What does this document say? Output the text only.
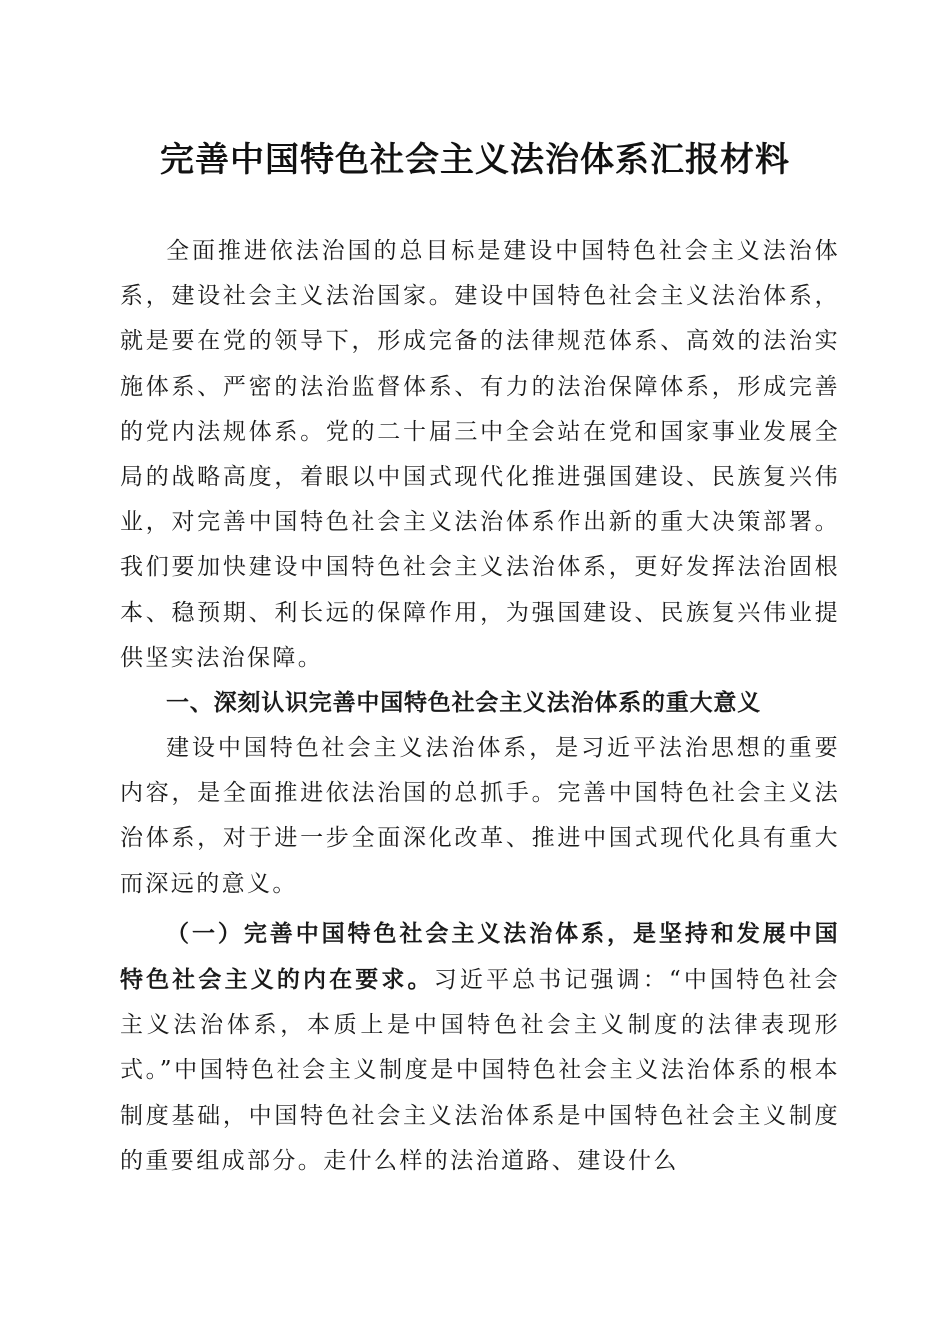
完善中国特色社会主义法治体系汇报材料

全面推进依法治国的总目标是建设中国特色社会主义法治体系，建设社会主义法治国家。建设中国特色社会主义法治体系，就是要在党的领导下，形成完备的法律规范体系、高效的法治实施体系、严密的法治监督体系、有力的法治保障体系，形成完善的党内法规体系。党的二十届三中全会站在党和国家事业发展全局的战略高度，着眼以中国式现代化推进强国建设、民族复兴伟业，对完善中国特色社会主义法治体系作出新的重大决策部署。我们要加快建设中国特色社会主义法治体系，更好发挥法治固根本、稳预期、利长远的保障作用，为强国建设、民族复兴伟业提供坚实法治保障。

一、深刻认识完善中国特色社会主义法治体系的重大意义

建设中国特色社会主义法治体系，是习近平法治思想的重要内容，是全面推进依法治国的总抓手。完善中国特色社会主义法治体系，对于进一步全面深化改革、推进中国式现代化具有重大而深远的意义。

（一）完善中国特色社会主义法治体系，是坚持和发展中国特色社会主义的内在要求。习近平总书记强调：“中国特色社会主义法治体系，本质上是中国特色社会主义制度的法律表现形式。”中国特色社会主义制度是中国特色社会主义法治体系的根本制度基础，中国特色社会主义法治体系是中国特色社会主义制度的重要组成部分。走什么样的法治道路、建设什么
